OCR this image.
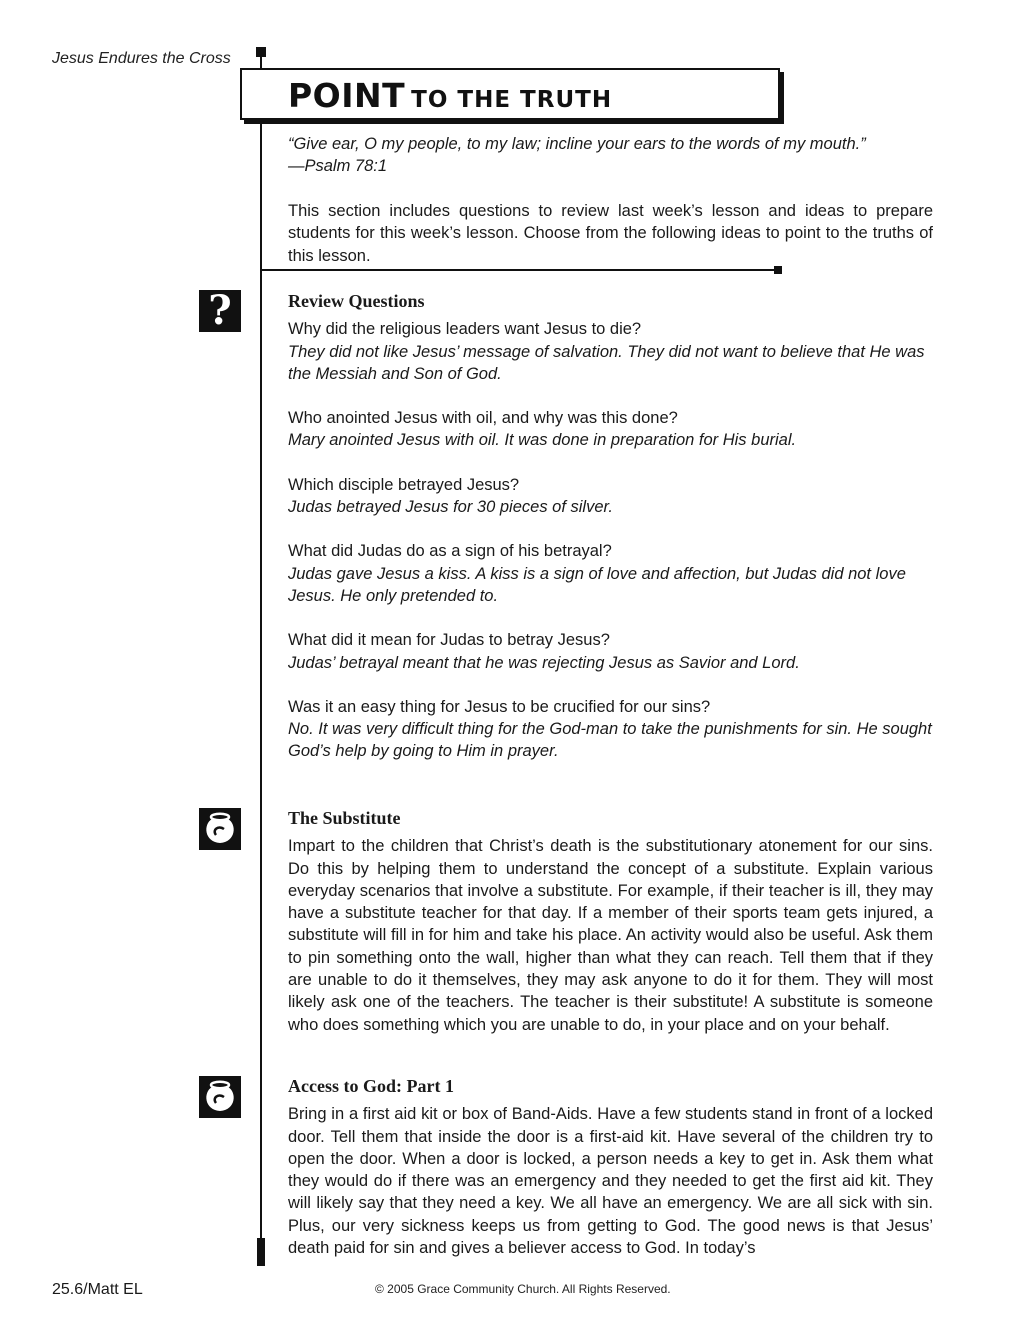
Jesus Endures the Cross
POINT TO THE TRUTH
“Give ear, O my people, to my law; incline your ears to the words of my mouth.”
—Psalm 78:1
This section includes questions to review last week’s lesson and ideas to prepare students for this week’s lesson. Choose from the following ideas to point to the truths of this lesson.
?	Review Questions
Why did the religious leaders want Jesus to die?
They did not like Jesus’ message of salvation. They did not want to believe that He was the Messiah and Son of God.
Who anointed Jesus with oil, and why was this done?
Mary anointed Jesus with oil. It was done in preparation for His burial.
Which disciple betrayed Jesus?
Judas betrayed Jesus for 30 pieces of silver.
What did Judas do as a sign of his betrayal?
Judas gave Jesus a kiss. A kiss is a sign of love and affection, but Judas did not love Jesus. He only pretended to.
What did it mean for Judas to betray Jesus?
Judas’ betrayal meant that he was rejecting Jesus as Savior and Lord.
Was it an easy thing for Jesus to be crucified for our sins?
No. It was very difficult thing for the God-man to take the punishments for sin. He sought God’s help by going to Him in prayer.
The Substitute
Impart to the children that Christ’s death is the substitutionary atonement for our sins. Do this by helping them to understand the concept of a substitute. Explain various everyday scenarios that involve a substitute. For example, if their teacher is ill, they may have a substitute teacher for that day. If a member of their sports team gets injured, a substitute will fill in for him and take his place. An activity would also be useful. Ask them to pin something onto the wall, higher than what they can reach. Tell them that if they are unable to do it themselves, they may ask anyone to do it for them. They will most likely ask one of the teachers. The teacher is their substitute! A substitute is someone who does something which you are unable to do, in your place and on your behalf.
Access to God: Part 1
Bring in a first aid kit or box of Band-Aids. Have a few students stand in front of a locked door. Tell them that inside the door is a first-aid kit. Have several of the children try to open the door. When a door is locked, a person needs a key to get in. Ask them what they would do if there was an emergency and they needed to get the first aid kit. They will likely say that they need a key. We all have an emergency. We are all sick with sin. Plus, our very sickness keeps us from getting to God. The good news is that Jesus’ death paid for sin and gives a believer access to God. In today’s
25.6/Matt EL	© 2005 Grace Community Church. All Rights Reserved.
